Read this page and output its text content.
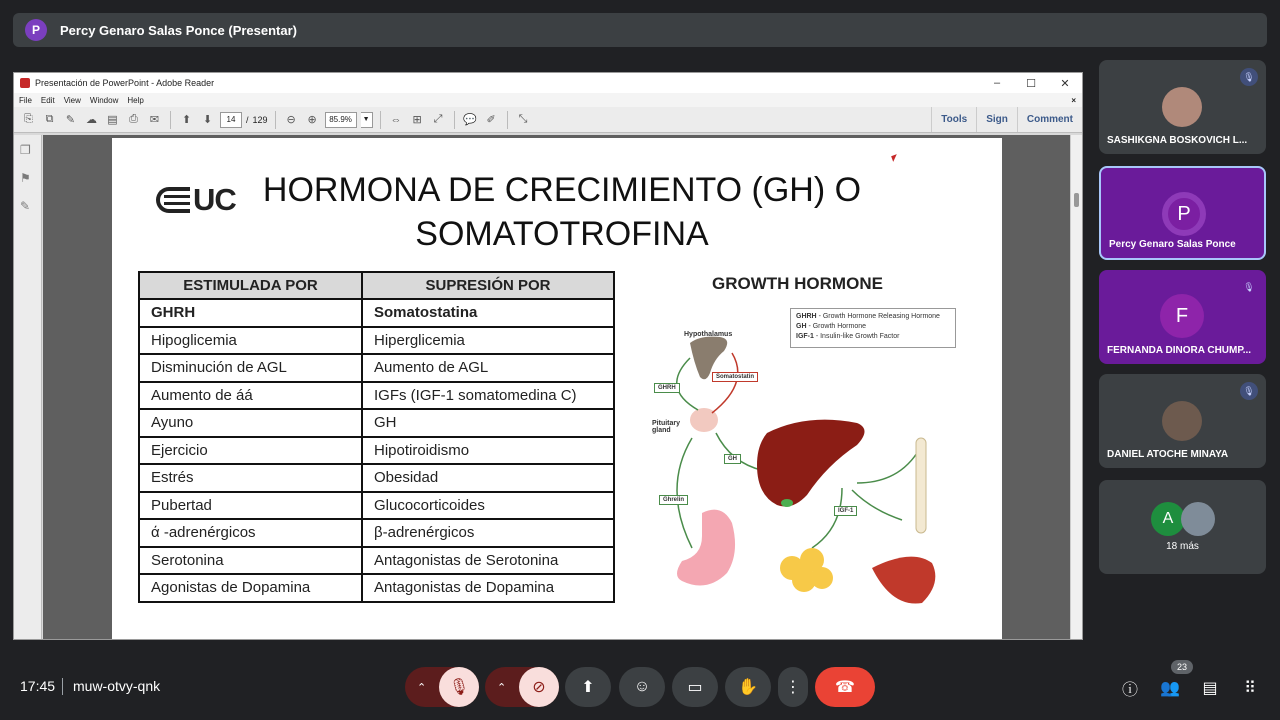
P	Percy Genaro Salas Ponce (Presentar)
Presentación de PowerPoint - Adobe Reader	–	☐	✕
File Edit View Window Help	×
⎘	⧉	✎ ☁ ▤	⎙	✉	⬆	⬇	14	/ 129	⊖	⊕	85.9%	▼ ⇔ ⊞	⤢	💬 ✐	⤡	Tools	Sign	Comment
❐
⚑
✎	UC HORMONA DE CRECIMIENTO (GH) O
SOMATOTROFINA
ESTIMULADA POR	SUPRESIÓN POR
GHRH	Somatostatina
Hipoglicemia	Hiperglicemia
Disminución de AGL	Aumento de AGL
Aumento de áá	IGFs (IGF-1 somatomedina C)
Ayuno	GH
Ejercicio	Hipotiroidismo
Estrés	Obesidad
Pubertad	Glucocorticoides
ά -adrenérgicos	β-adrenérgicos
Serotonina	Antagonistas de Serotonina
Agonistas de Dopamina	Antagonistas de Dopamina
GROWTH HORMONE
GHRH - Growth Hormone Releasing Hormone
GH - Growth Hormone
IGF-1 - Insulin-like Growth Factor
Hypothalamus
Pituitary gland
GHRH
Somatostatin
GH
Ghrelin
IGF-1
🎙
SASHIKGNA BOSKOVICH L...
P
Percy Genaro Salas Ponce
🎙
F
FERNANDA DINORA CHUMP...
🎙
DANIEL ATOCHE MINAYA
A
18 más
17:45 muw-otvy-qnk	⌃ 🎙	⌃ ⊘ ⬆ ☺ ▭ ✋ ⋮ ☎	ⓘ
23
👥 ▤ ⠿
